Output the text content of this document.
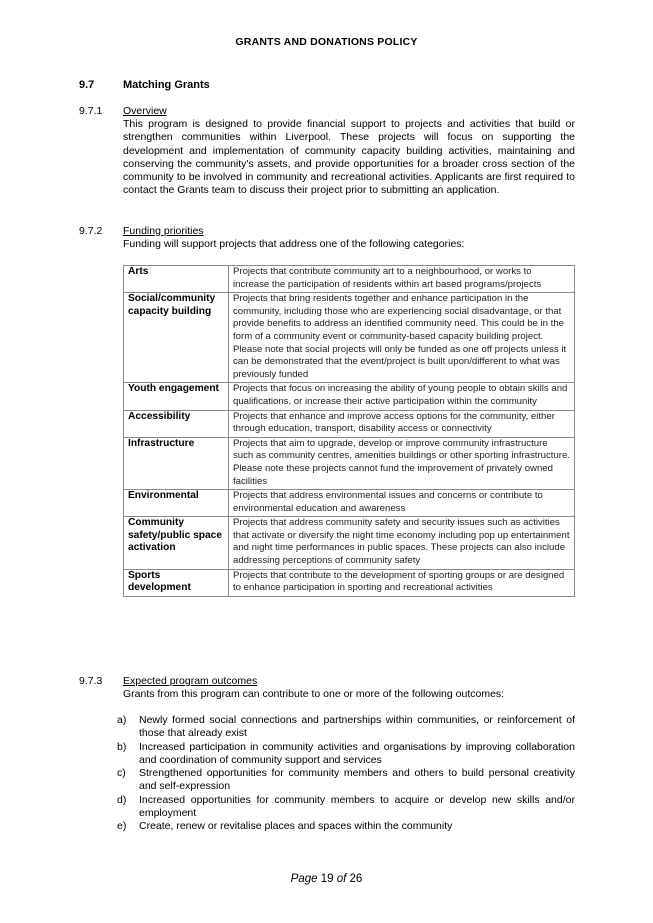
GRANTS AND DONATIONS POLICY
9.7	Matching Grants
9.7.1 Overview
This program is designed to provide financial support to projects and activities that build or strengthen communities within Liverpool. These projects will focus on supporting the development and implementation of community capacity building activities, maintaining and conserving the community's assets, and provide opportunities for a broader cross section of the community to be involved in community and recreational activities. Applicants are first required to contact the Grants team to discuss their project prior to submitting an application.
9.7.2 Funding priorities
Funding will support projects that address one of the following categories:
Arts	Projects that contribute community art to a neighbourhood, or works to increase the participation of residents within art based programs/projects
Social/community capacity building	Projects that bring residents together and enhance participation in the community, including those who are experiencing social disadvantage, or that provide benefits to address an identified community need. This could be in the form of a community event or community-based capacity building project. Please note that social projects will only be funded as one off projects unless it can be demonstrated that the event/project is built upon/different to what was previously funded
Youth engagement	Projects that focus on increasing the ability of young people to obtain skills and qualifications, or increase their active participation within the community
Accessibility	Projects that enhance and improve access options for the community, either through education, transport, disability access or connectivity
Infrastructure	Projects that aim to upgrade, develop or improve community infrastructure such as community centres, amenities buildings or other sporting infrastructure. Please note these projects cannot fund the improvement of privately owned facilities
Environmental	Projects that address environmental issues and concerns or contribute to environmental education and awareness
Community safety/public space activation	Projects that address community safety and security issues such as activities that activate or diversify the night time economy including pop up entertainment and night time performances in public spaces. These projects can also include addressing perceptions of community safety
Sports development	Projects that contribute to the development of sporting groups or are designed to enhance participation in sporting and recreational activities
9.7.3 Expected program outcomes
Grants from this program can contribute to one or more of the following outcomes:
a) Newly formed social connections and partnerships within communities, or reinforcement of those that already exist
b) Increased participation in community activities and organisations by improving collaboration and coordination of community support and services
c) Strengthened opportunities for community members and others to build personal creativity and self-expression
d) Increased opportunities for community members to acquire or develop new skills and/or employment
e) Create, renew or revitalise places and spaces within the community
Page 19 of 26
